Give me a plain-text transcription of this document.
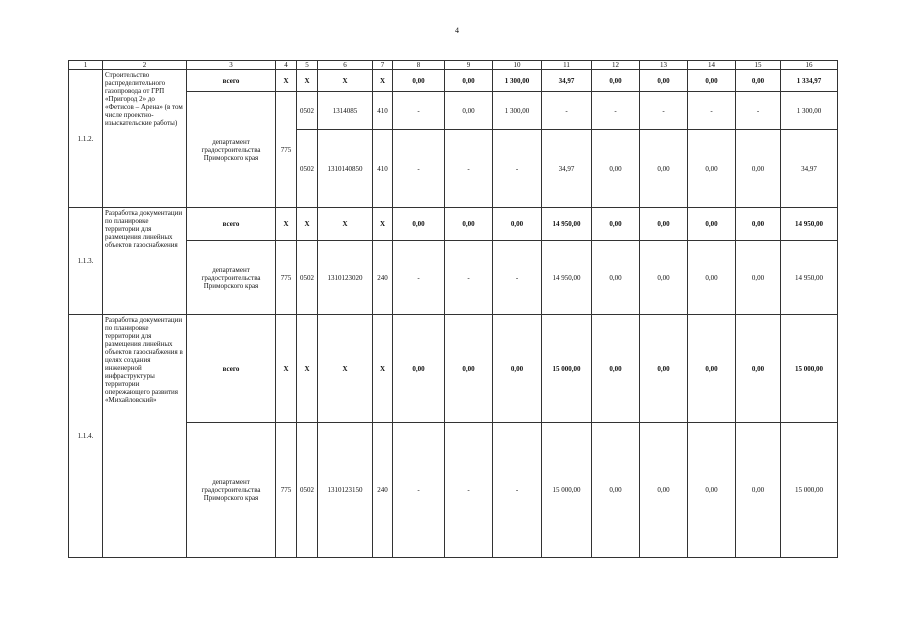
4
1	2	3	4	5	6	7	8	9	10	11	12	13	14	15	16
1.1.2.	Строительство распределительного газопровода от ГРП «Пригород 2» до «Фетисов – Арена» (в том числе проектно-изыскательские работы)	всего	X	X	X	X	0,00	0,00	1 300,00	34,97	0,00	0,00	0,00	0,00	1 334,97
		департамент градостроительства Приморского края	775	0502	1314085	410	-	0,00	1 300,00	-	-	-	-	-	1 300,00
				0502	1310140850	410	-	-	-	34,97	0,00	0,00	0,00	0,00	34,97
1.1.3.	Разработка документации по планировке территории для размещения линейных объектов газоснабжения	всего	X	X	X	X	0,00	0,00	0,00	14 950,00	0,00	0,00	0,00	0,00	14 950,00
		департамент градостроительства Приморского края	775	0502	1310123020	240	-	-	-	14 950,00	0,00	0,00	0,00	0,00	14 950,00
1.1.4.	Разработка документации по планировке территории для размещения линейных объектов газоснабжения в целях создания инженерной инфраструктуры территории опережающего развития «Михайловский»	всего	X	X	X	X	0,00	0,00	0,00	15 000,00	0,00	0,00	0,00	0,00	15 000,00
		департамент градостроительства Приморского края	775	0502	1310123150	240	-	-	-	15 000,00	0,00	0,00	0,00	0,00	15 000,00
